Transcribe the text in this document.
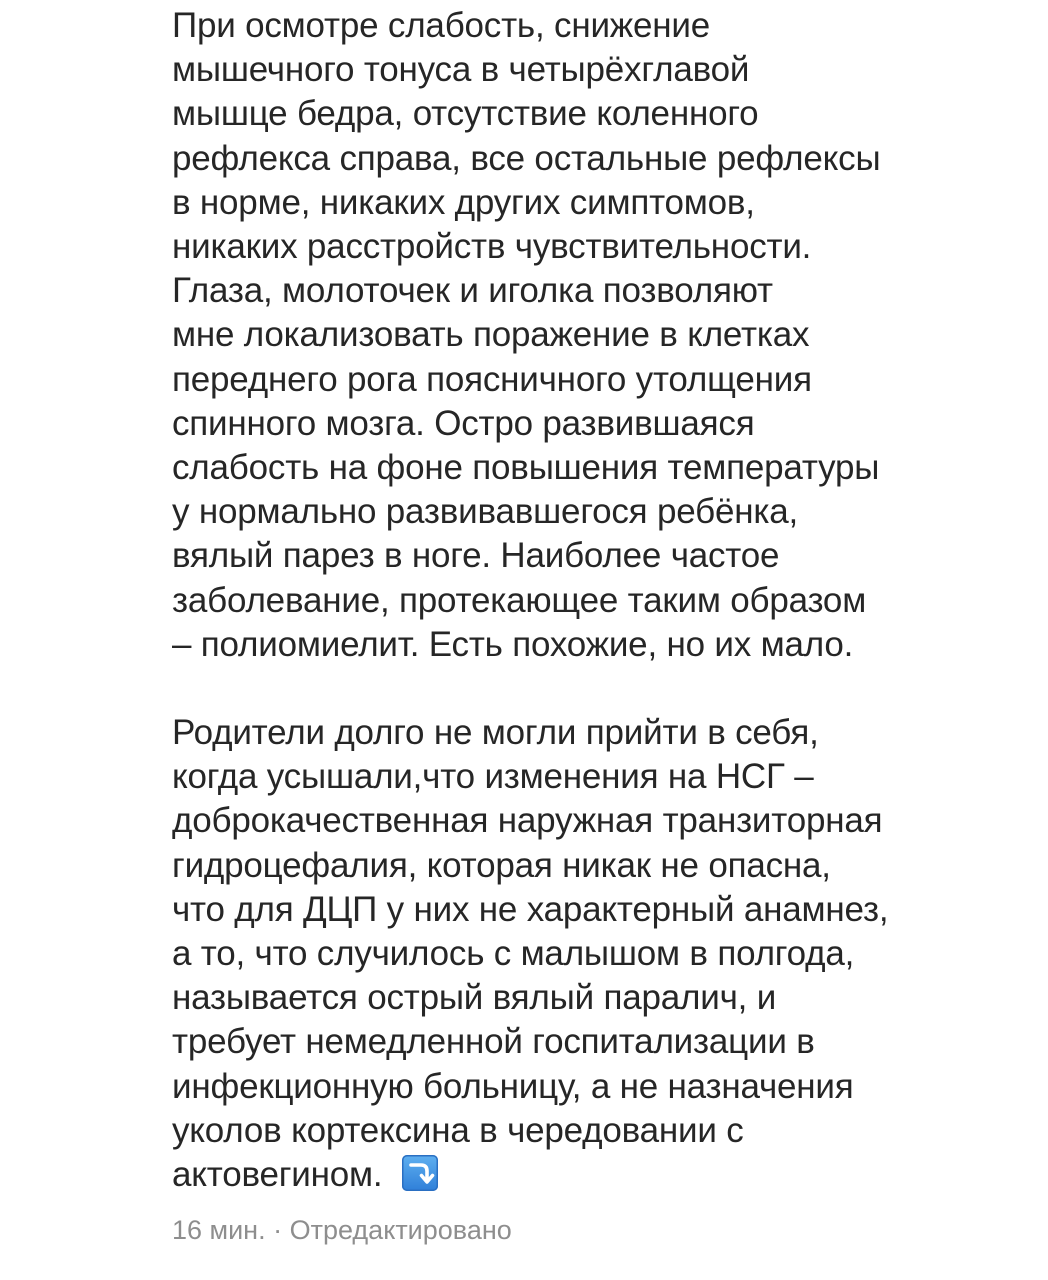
При осмотре слабость, снижение
мышечного тонуса в четырёхглавой
мышце бедра, отсутствие коленного
рефлекса справа, все остальные рефлексы
в норме, никаких других симптомов,
никаких расстройств чувствительности.
Глаза, молоточек и иголка позволяют
мне локализовать поражение в клетках
переднего рога поясничного утолщения
спинного мозга. Остро развившаяся
слабость на фоне повышения температуры
у нормально развивавшегося ребёнка,
вялый парез в ноге. Наиболее частое
заболевание, протекающее таким образом
– полиомиелит. Есть похожие, но их мало.

Родители долго не могли прийти в себя,
когда усышали,что изменения на НСГ –
доброкачественная наружная транзиторная
гидроцефалия, которая никак не опасна,
что для ДЦП у них не характерный анамнез,
а то, что случилось с малышом в полгода,
называется острый вялый паралич, и
требует немедленной госпитализации в
инфекционную больницу, а не назначения
уколов кортексина в чередовании с
актовегином.

16 мин. · Отредактировано
